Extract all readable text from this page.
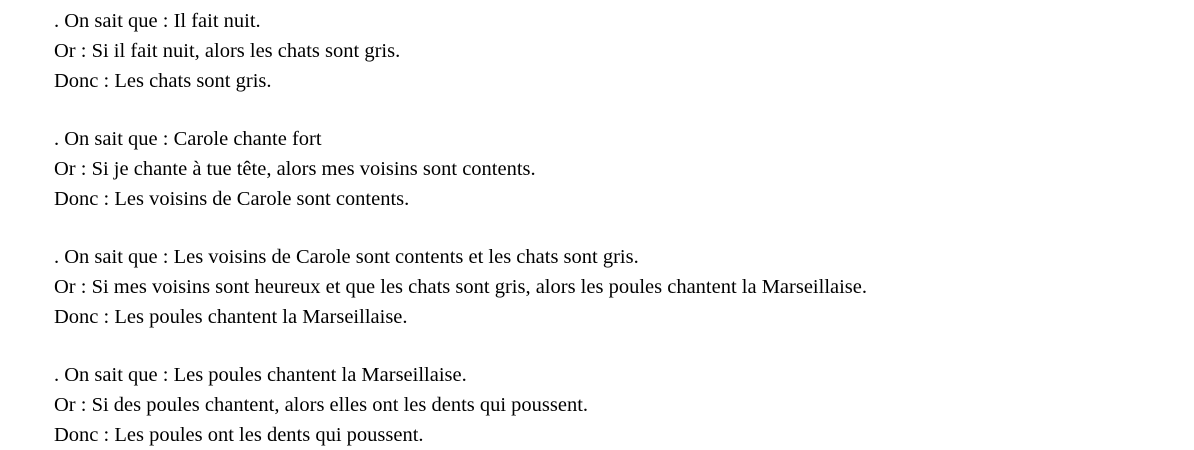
. On sait que : Il fait nuit.
Or : Si il fait nuit, alors les chats sont gris.
Donc : Les chats sont gris.
. On sait que : Carole chante fort
Or : Si je chante à tue tête, alors mes voisins sont contents.
Donc : Les voisins de Carole sont contents.
. On sait que : Les voisins de Carole sont contents et les chats sont gris.
Or : Si mes voisins sont heureux et que les chats sont gris, alors les poules chantent la Marseillaise.
Donc : Les poules chantent la Marseillaise.
. On sait que : Les poules chantent la Marseillaise.
Or : Si des poules chantent, alors elles ont les dents qui poussent.
Donc : Les poules ont les dents qui poussent.
